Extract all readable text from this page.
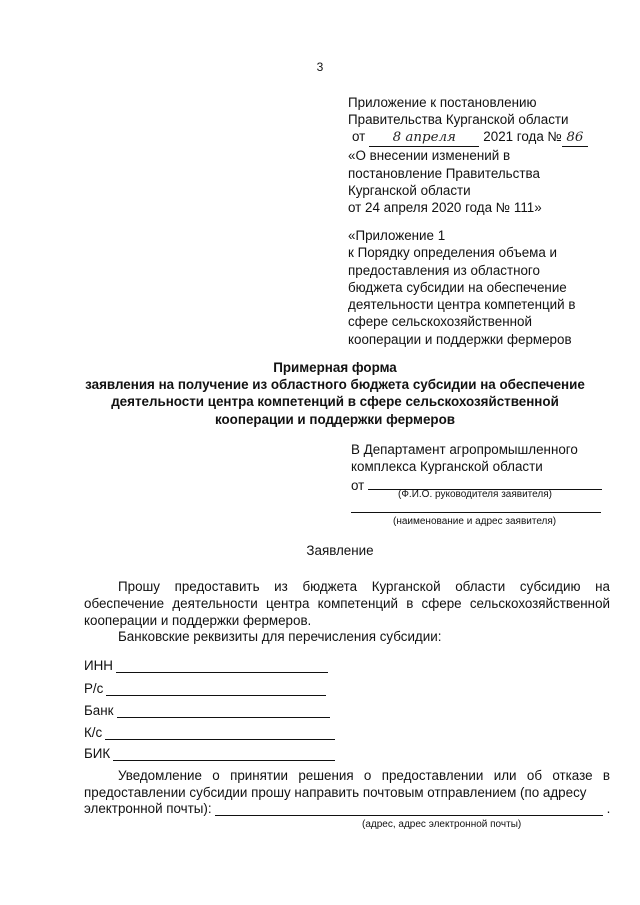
3
Приложение к постановлению
Правительства Курганской области
от 8 апреля 2021 года № 86
«О внесении изменений в
постановление Правительства
Курганской области
от 24 апреля 2020 года № 111»
«Приложение 1
к Порядку определения объема и
предоставления из областного
бюджета субсидии на обеспечение
деятельности центра компетенций в
сфере сельскохозяйственной
кооперации и поддержки фермеров
Примерная форма
заявления на получение из областного бюджета субсидии на обеспечение
деятельности центра компетенций в сфере сельскохозяйственной
кооперации и поддержки фермеров
В Департамент агропромышленного
комплекса Курганской области
от
(Ф.И.О. руководителя заявителя)
(наименование и адрес заявителя)
Заявление
Прошу предоставить из бюджета Курганской области субсидию на обеспечение деятельности центра компетенций в сфере сельскохозяйственной кооперации и поддержки фермеров.
Банковские реквизиты для перечисления субсидии:
ИНН
Р/с
Банк
К/с
БИК
Уведомление о принятии решения о предоставлении или об отказе в предоставлении субсидии прошу направить почтовым отправлением (по адресу
электронной почты):	.
(адрес, адрес электронной почты)
